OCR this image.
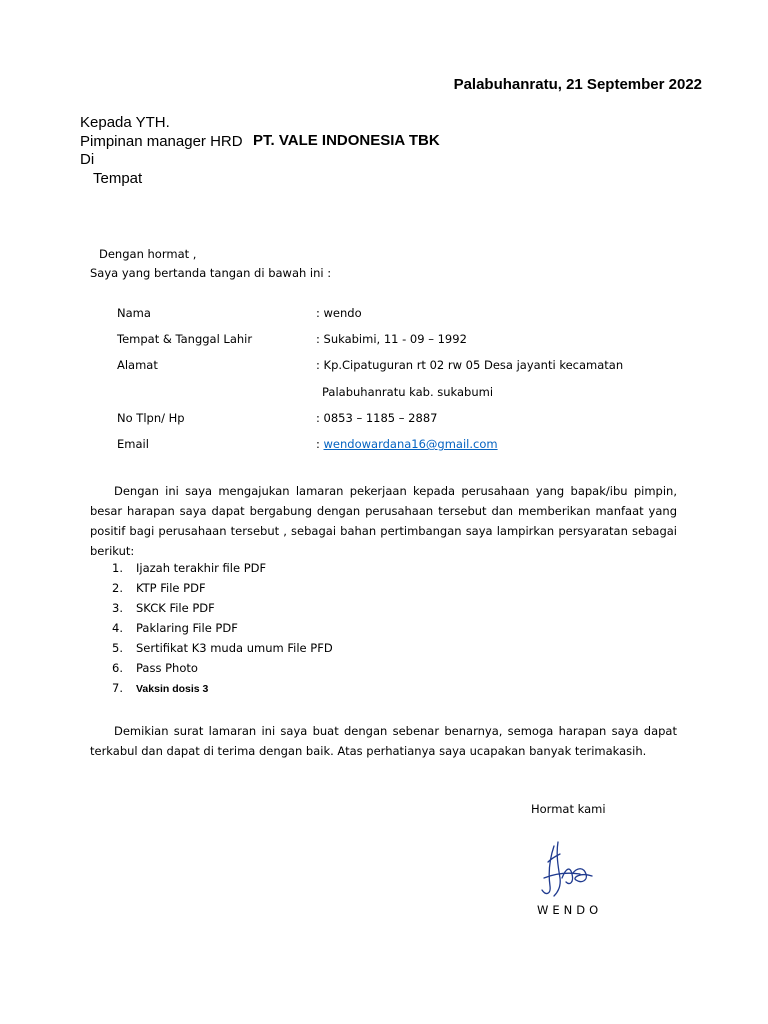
Palabuhanratu, 21 September 2022
Kepada YTH.
Pimpinan manager HRD PT. VALE INDONESIA TBK
Di
Tempat
Dengan hormat ,
Saya yang bertanda tangan di bawah ini :
Nama	: wendo
Tempat & Tanggal Lahir	: Sukabimi, 11 - 09 – 1992
Alamat	: Kp.Cipatuguran rt 02 rw 05 Desa jayanti kecamatan
Palabuhanratu kab. sukabumi
No Tlpn/ Hp	: 0853 – 1185 – 2887
Email	: wendowardana16@gmail.com
Dengan ini saya mengajukan lamaran pekerjaan kepada perusahaan yang bapak/ibu pimpin, besar harapan saya dapat bergabung dengan perusahaan tersebut dan memberikan manfaat yang positif bagi perusahaan tersebut , sebagai bahan pertimbangan saya lampirkan persyaratan sebagai berikut:
1.	Ijazah terakhir file PDF
2.	KTP File PDF
3.	SKCK File PDF
4.	Paklaring File PDF
5.	Sertifikat K3 muda umum File PFD
6.	Pass Photo
7.	Vaksin dosis 3
Demikian surat lamaran ini saya buat dengan sebenar benarnya, semoga harapan saya dapat terkabul dan dapat di terima dengan baik. Atas perhatianya saya ucapakan banyak terimakasih.
Hormat kami
WENDO
